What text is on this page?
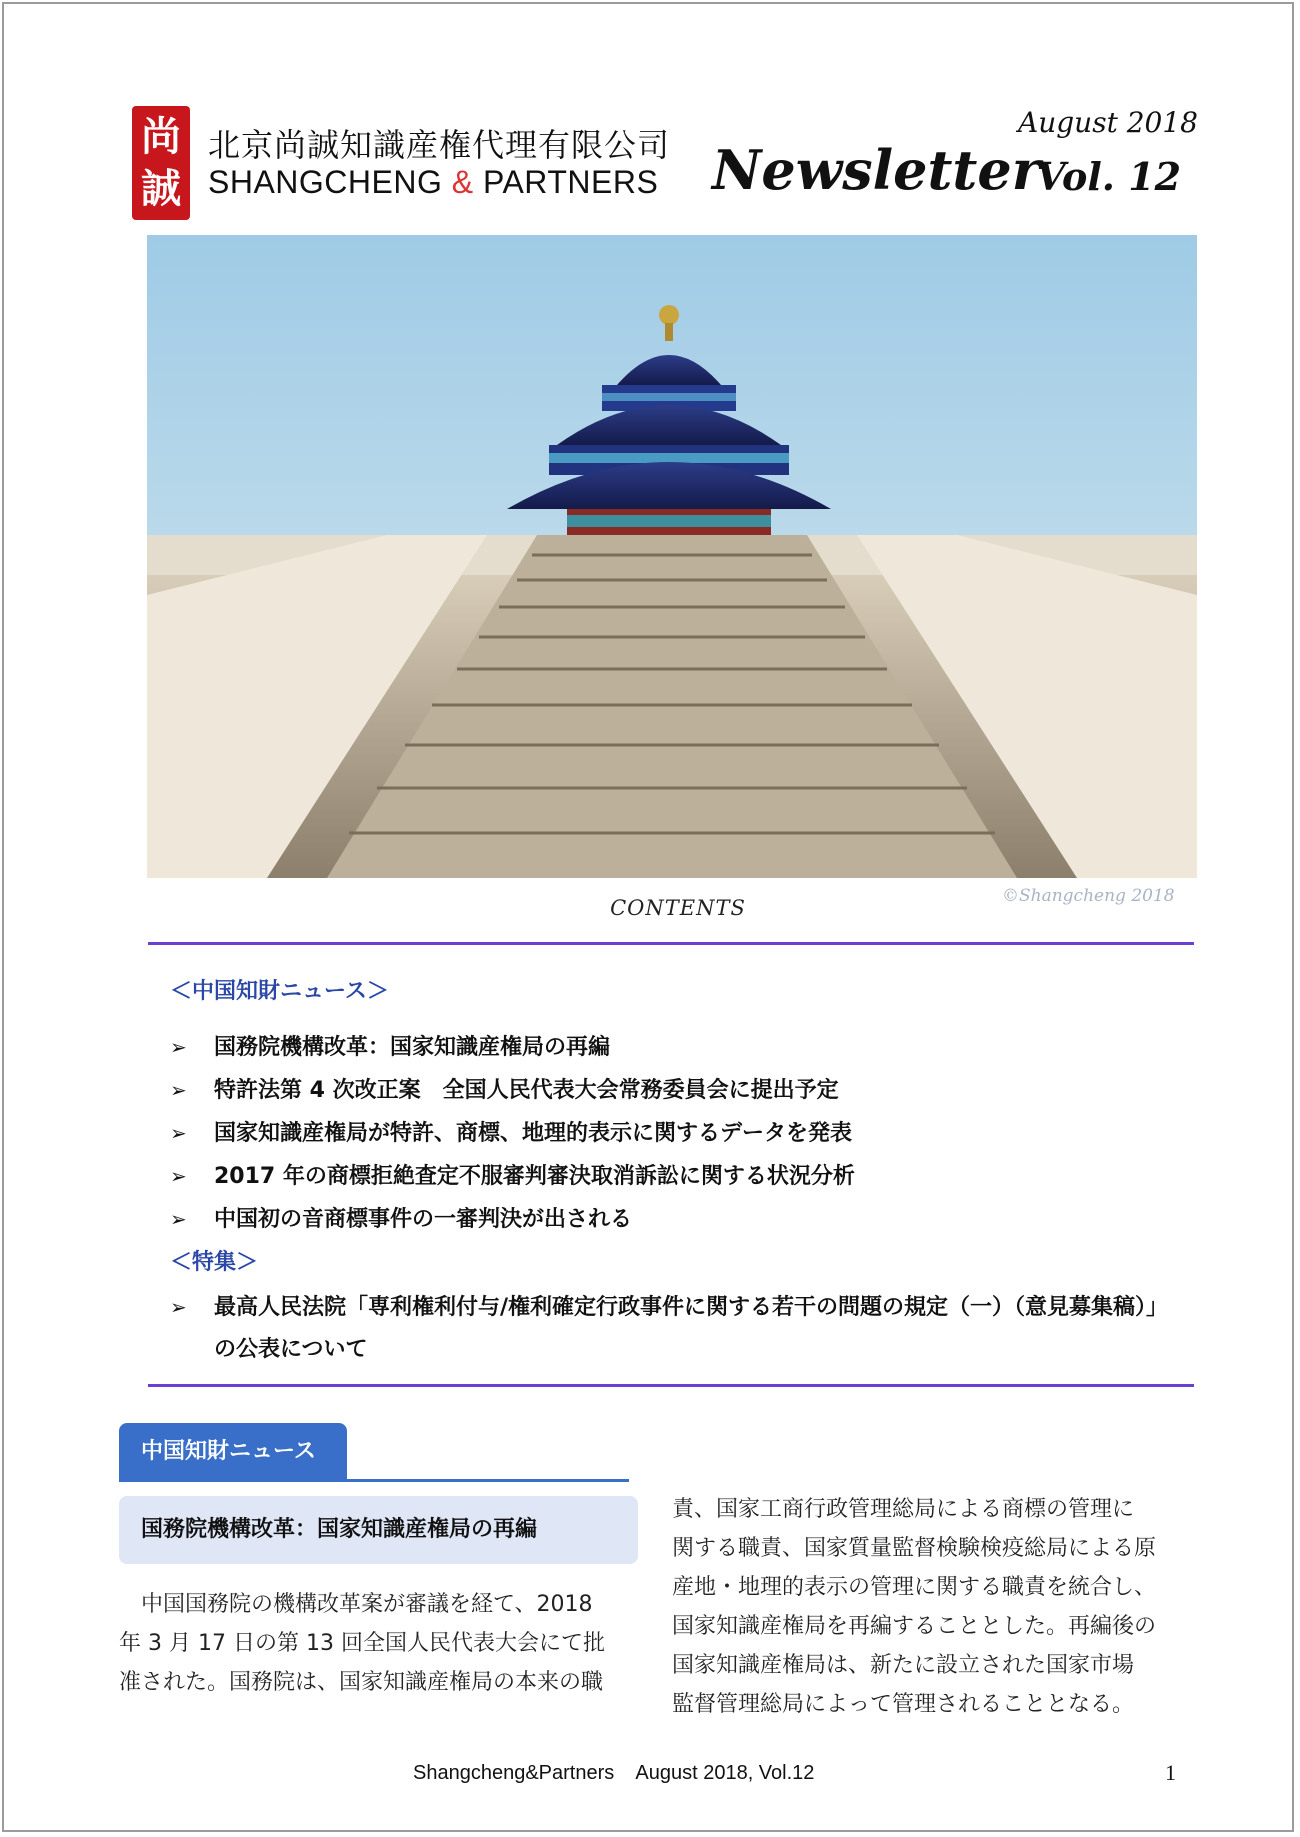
尚
誠
北京尚誠知識産権代理有限公司
SHANGCHENG & PARTNERS Newsletter
August 2018
Vol. 12
©Shangcheng 2018
CONTENTS
＜中国知財ニュース＞
➢ 国務院機構改革：国家知識産権局の再編
➢ 特許法第 4 次改正案　全国人民代表大会常務委員会に提出予定
➢ 国家知識産権局が特許、商標、地理的表示に関するデータを発表
➢ 2017 年の商標拒絶査定不服審判審決取消訴訟に関する状況分析
➢ 中国初の音商標事件の一審判決が出される
＜特集＞
➢ 最高人民法院「専利権利付与/権利確定行政事件に関する若干の問題の規定（一）（意見募集稿）」
の公表について
中国知財ニュース
国務院機構改革：国家知識産権局の再編

　中国国務院の機構改革案が審議を経て、2018

年 3 月 17 日の第 13 回全国人民代表大会にて批

准された。国務院は、国家知識産権局の本来の職

責、国家工商行政管理総局による商標の管理に

関する職責、国家質量監督検験検疫総局による原

産地・地理的表示の管理に関する職責を統合し、

国家知識産権局を再編することとした。再編後の

国家知識産権局は、新たに設立された国家市場

監督管理総局によって管理されることとなる。

Shangcheng&Partners    August 2018, Vol.12	1
